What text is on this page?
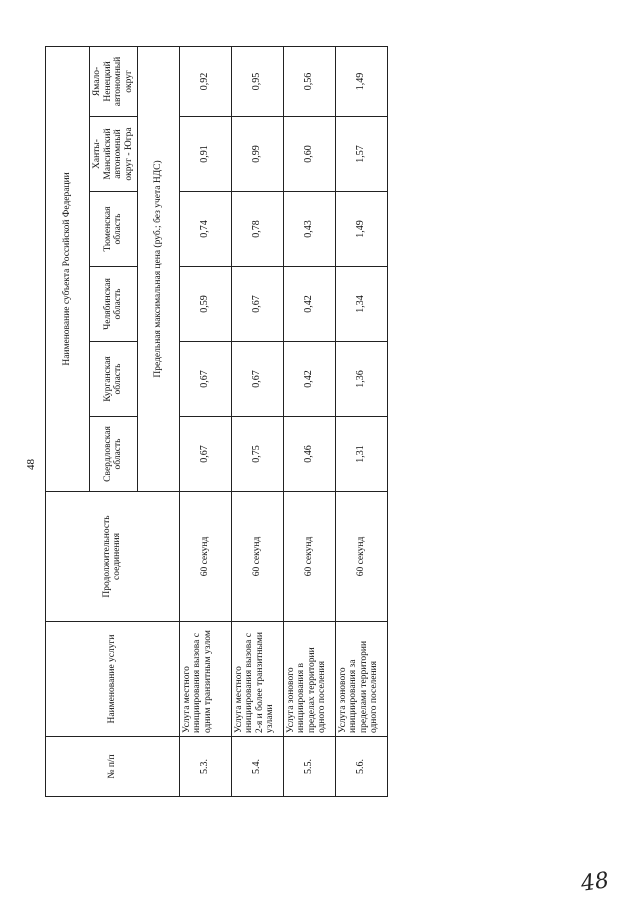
48
№ п/п	Наименование услуги	Продолжительность соединения	Наименование субъекта Российской Федерации					
			Свердловская область	Курганская область	Челябинская область	Тюменская область	Ханты-Мансийский автономный округ - Югра	Ямало-Ненецкий автономный округ
			Предельная максимальная цена (руб.; без учета НДС)					
5.3.	Услуга местного инициирования вызова с одним транзитным узлом	60 секунд	0,67	0,67	0,59	0,74	0,91	0,92
5.4.	Услуга местного инициирования вызова с 2-я и более транзитными узлами	60 секунд	0,75	0,67	0,67	0,78	0,99	0,95
5.5.	Услуга зонового инициирования в пределах территории одного поселения	60 секунд	0,46	0,42	0,42	0,43	0,60	0,56
5.6.	Услуга зонового инициирования за пределами территории одного поселения	60 секунд	1,31	1,36	1,34	1,49	1,57	1,49
48
